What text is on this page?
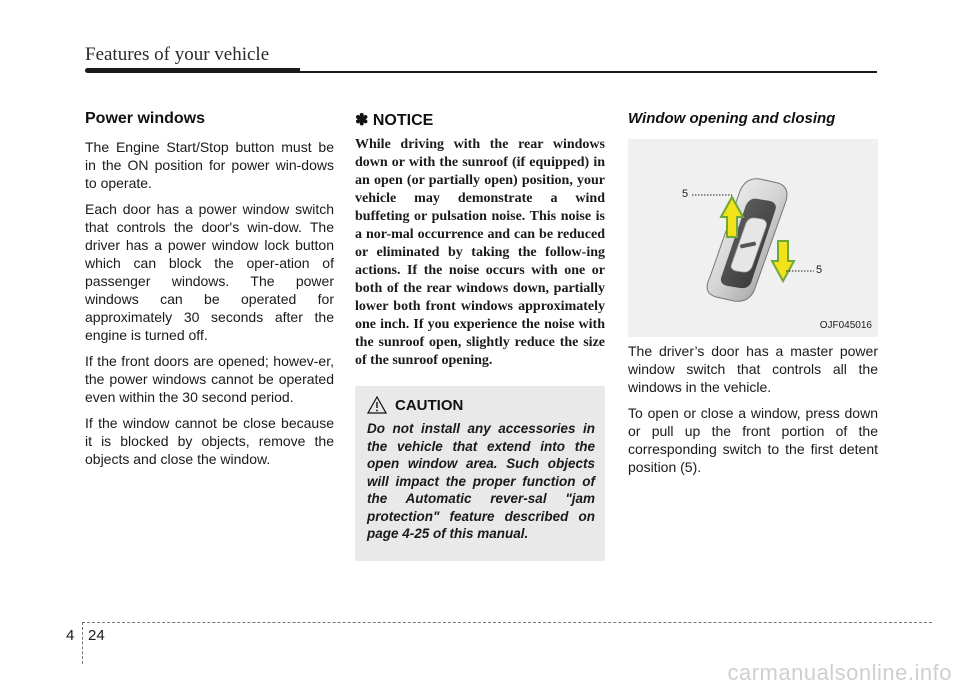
Features of your vehicle
Power windows

The Engine Start/Stop button must be in the ON position for power win-dows to operate.

Each door has a power window switch that controls the door's win-dow. The driver has a power window lock button which can block the oper-ation of passenger windows. The power windows can be operated for approximately 30 seconds after the engine is turned off.

If the front doors are opened; howev-er, the power windows cannot be operated even within the 30 second period.

If the window cannot be close because it is blocked by objects, remove the objects and close the window.

✽ NOTICE

While driving with the rear windows down or with the sunroof (if equipped) in an open (or partially open) position, your vehicle may demonstrate a wind buffeting or pulsation noise. This noise is a nor-mal occurrence and can be reduced or eliminated by taking the follow-ing actions. If the noise occurs with one or both of the rear windows down, partially lower both front windows approximately one inch. If you experience the noise with the sunroof open, slightly reduce the size of the sunroof opening.

CAUTION

Do not install any accessories in the vehicle that extend into the open window area. Such objects will impact the proper function of the Automatic rever-sal "jam protection" feature described on page 4-25 of this manual.

Window opening and closing
5
5
OJF045016

The driver’s door has a master power window switch that controls all the windows in the vehicle.

To open or close a window, press down or pull up the front portion of the corresponding switch to the first detent position (5).

4 24
carmanualsonline.info
